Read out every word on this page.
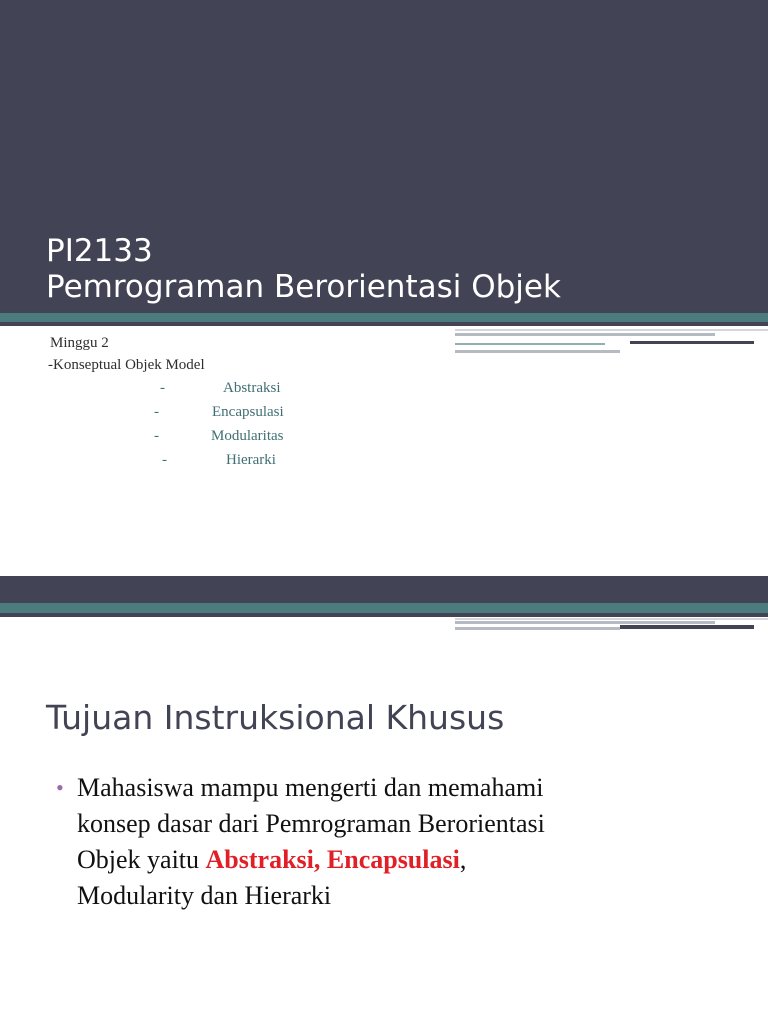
PI2133
Pemrograman Berorientasi Objek
Minggu 2
-Konseptual Objek Model
-	Abstraksi
-	Encapsulasi
-	Modularitas
-	Hierarki
Tujuan Instruksional Khusus
• Mahasiswa mampu mengerti dan memahami
konsep dasar dari Pemrograman Berorientasi
Objek yaitu Abstraksi, Encapsulasi,
Modularity dan Hierarki
